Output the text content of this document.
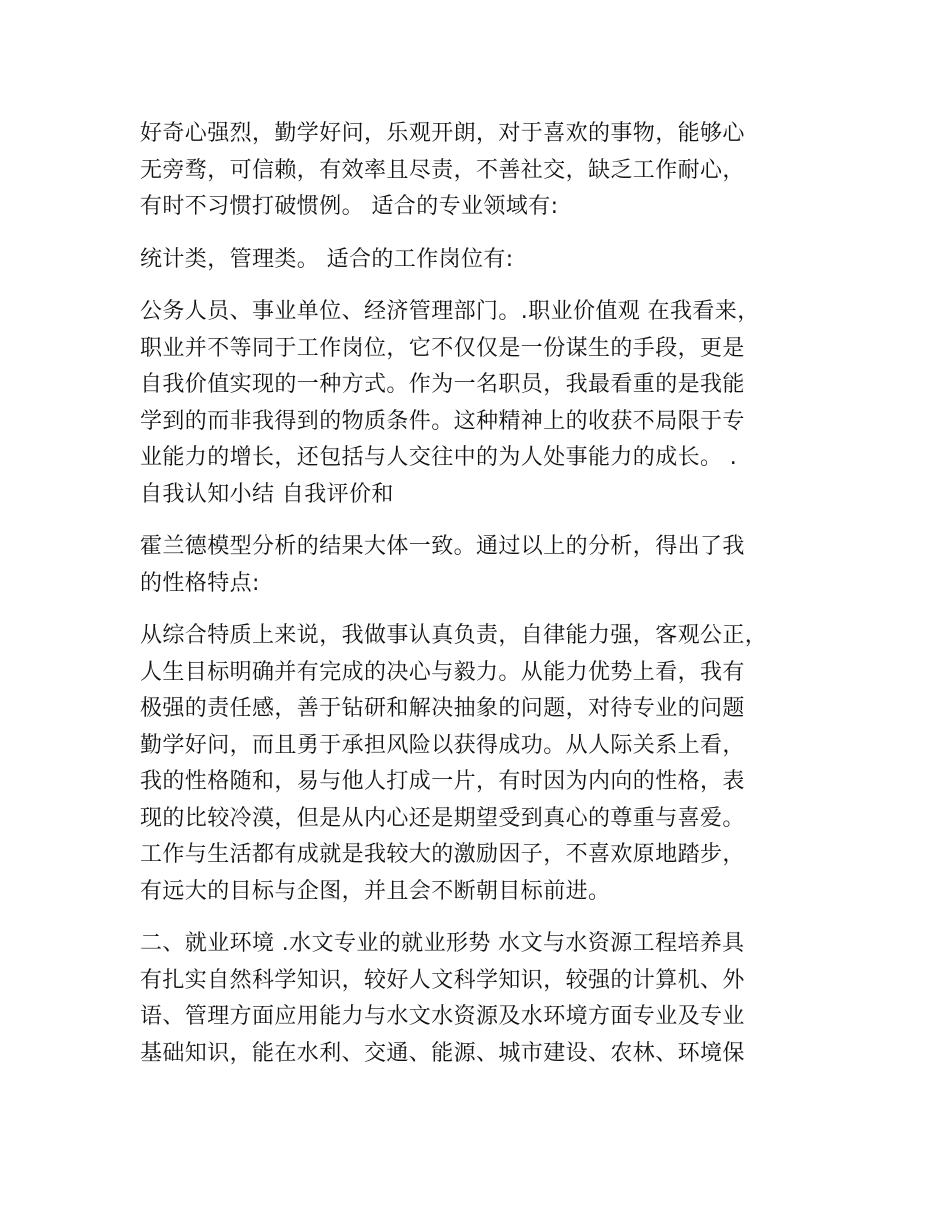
好奇心强烈，勤学好问，乐观开朗，对于喜欢的事物，能够心
无旁骛，可信赖，有效率且尽责，不善社交，缺乏工作耐心，
有时不习惯打破惯例。 适合的专业领域有:

统计类，管理类。 适合的工作岗位有:

公务人员、事业单位、经济管理部门。.职业价值观 在我看来，
职业并不等同于工作岗位，它不仅仅是一份谋生的手段，更是
自我价值实现的一种方式。作为一名职员，我最看重的是我能
学到的而非我得到的物质条件。这种精神上的收获不局限于专
业能力的增长，还包括与人交往中的为人处事能力的成长。 .
自我认知小结 自我评价和

霍兰德模型分析的结果大体一致。通过以上的分析，得出了我
的性格特点:

从综合特质上来说，我做事认真负责，自律能力强，客观公正，
人生目标明确并有完成的决心与毅力。从能力优势上看，我有
极强的责任感，善于钻研和解决抽象的问题，对待专业的问题
勤学好问，而且勇于承担风险以获得成功。从人际关系上看，
我的性格随和，易与他人打成一片，有时因为内向的性格，表
现的比较冷漠，但是从内心还是期望受到真心的尊重与喜爱。
工作与生活都有成就是我较大的激励因子，不喜欢原地踏步，
有远大的目标与企图，并且会不断朝目标前进。

二、就业环境 .水文专业的就业形势 水文与水资源工程培养具
有扎实自然科学知识，较好人文科学知识，较强的计算机、外
语、管理方面应用能力与水文水资源及水环境方面专业及专业
基础知识，能在水利、交通、能源、城市建设、农林、环境保
